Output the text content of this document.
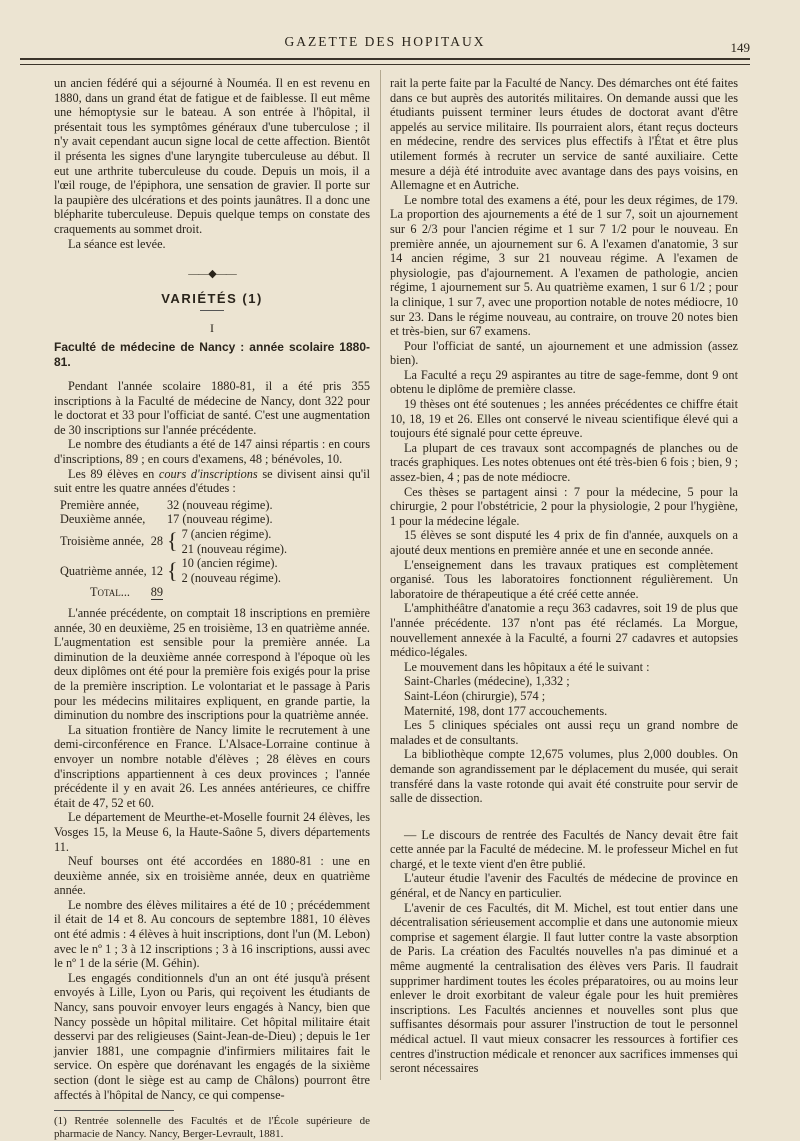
GAZETTE DES HOPITAUX	149

un ancien fédéré qui a séjourné à Nouméa. Il en est revenu en 1880, dans un grand état de fatigue et de faiblesse. Il eut même une hémoptysie sur le bateau. A son entrée à l'hôpital, il présentait tous les symptômes généraux d'une tuberculose ; il n'y avait cependant aucun signe local de cette affection. Bientôt il présenta les signes d'une laryngite tuberculeuse au début. Il eut une arthrite tuberculeuse du coude. Depuis un mois, il a l'œil rouge, de l'épiphora, une sensation de gravier. Il porte sur la paupière des ulcérations et des points jaunâtres. Il a donc une blépharite tuberculeuse. Depuis quelque temps on constate des craquements au sommet droit.

La séance est levée.

——◆——
VARIÉTÉS (1)
I
Faculté de médecine de Nancy : année scolaire 1880-81.

Pendant l'année scolaire 1880-81, il a été pris 355 inscriptions à la Faculté de médecine de Nancy, dont 322 pour le doctorat et 33 pour l'officiat de santé. C'est une augmentation de 30 inscriptions sur l'année précédente.

Le nombre des étudiants a été de 147 ainsi répartis : en cours d'inscriptions, 89 ; en cours d'examens, 48 ; bénévoles, 10.

Les 89 élèves en cours d'inscriptions se divisent ainsi qu'il suit entre les quatre années d'études :

Première année,		32 (nouveau régime).	
Deuxième année,		17 (nouveau régime).	
Troisième année,	28	{	7 (ancien régime).
			21 (nouveau régime).
Quatrième année,	12	{	10 (ancien régime).
			2 (nouveau régime).
Total...	89		

L'année précédente, on comptait 18 inscriptions en première année, 30 en deuxième, 25 en troisième, 13 en quatrième année. L'augmentation est sensible pour la première année. La diminution de la deuxième année correspond à l'époque où les deux diplômes ont été pour la première fois exigés pour la prise de la première inscription. Le volontariat et le passage à Paris pour les médecins militaires expliquent, en grande partie, la diminution du nombre des inscriptions pour la quatrième année.

La situation frontière de Nancy limite le recrutement à une demi-circonférence en France. L'Alsace-Lorraine continue à envoyer un nombre notable d'élèves ; 28 élèves en cours d'inscriptions appartiennent à ces deux provinces ; l'année précédente il y en avait 26. Les années antérieures, ce chiffre était de 47, 52 et 60.

Le département de Meurthe-et-Moselle fournit 24 élèves, les Vosges 15, la Meuse 6, la Haute-Saône 5, divers départements 11.

Neuf bourses ont été accordées en 1880-81 : une en deuxième année, six en troisième année, deux en quatrième année.

Le nombre des élèves militaires a été de 10 ; précédemment il était de 14 et 8. Au concours de septembre 1881, 10 élèves ont été admis : 4 élèves à huit inscriptions, dont l'un (M. Lebon) avec le nº 1 ; 3 à 12 inscriptions ; 3 à 16 inscriptions, aussi avec le nº 1 de la série (M. Géhin).

Les engagés conditionnels d'un an ont été jusqu'à présent envoyés à Lille, Lyon ou Paris, qui reçoivent les étudiants de Nancy, sans pouvoir envoyer leurs engagés à Nancy, bien que Nancy possède un hôpital militaire. Cet hôpital militaire était desservi par des religieuses (Saint-Jean-de-Dieu) ; depuis le 1er janvier 1881, une compagnie d'infirmiers militaires fait le service. On espère que dorénavant les engagés de la sixième section (dont le siège est au camp de Châlons) pourront être affectés à l'hôpital de Nancy, ce qui compense-

(1) Rentrée solennelle des Facultés et de l'École supérieure de pharmacie de Nancy. Nancy, Berger-Levrault, 1881.

rait la perte faite par la Faculté de Nancy. Des démarches ont été faites dans ce but auprès des autorités militaires. On demande aussi que les étudiants puissent terminer leurs études de doctorat avant d'être appelés au service militaire. Ils pourraient alors, étant reçus docteurs en médecine, rendre des services plus effectifs à l'État et être plus utilement formés à recruter un service de santé auxiliaire. Cette mesure a déjà été introduite avec avantage dans des pays voisins, en Allemagne et en Autriche.

Le nombre total des examens a été, pour les deux régimes, de 179. La proportion des ajournements a été de 1 sur 7, soit un ajournement sur 6 2/3 pour l'ancien régime et 1 sur 7 1/2 pour le nouveau. En première année, un ajournement sur 6. A l'examen d'anatomie, 3 sur 14 ancien régime, 3 sur 21 nouveau régime. A l'examen de physiologie, pas d'ajournement. A l'examen de pathologie, ancien régime, 1 ajournement sur 5. Au quatrième examen, 1 sur 6 1/2 ; pour la clinique, 1 sur 7, avec une proportion notable de notes médiocre, 10 sur 23. Dans le régime nouveau, au contraire, on trouve 20 notes bien et très-bien, sur 67 examens.

Pour l'officiat de santé, un ajournement et une admission (assez bien).

La Faculté a reçu 29 aspirantes au titre de sage-femme, dont 9 ont obtenu le diplôme de première classe.

19 thèses ont été soutenues ; les années précédentes ce chiffre était 10, 18, 19 et 26. Elles ont conservé le niveau scientifique élevé qui a toujours été signalé pour cette épreuve.

La plupart de ces travaux sont accompagnés de planches ou de tracés graphiques. Les notes obtenues ont été très-bien 6 fois ; bien, 9 ; assez-bien, 4 ; pas de note médiocre.

Ces thèses se partagent ainsi : 7 pour la médecine, 5 pour la chirurgie, 2 pour l'obstétricie, 2 pour la physiologie, 2 pour l'hygiène, 1 pour la médecine légale.

15 élèves se sont disputé les 4 prix de fin d'année, auxquels on a ajouté deux mentions en première année et une en seconde année.

L'enseignement dans les travaux pratiques est complètement organisé. Tous les laboratoires fonctionnent régulièrement. Un laboratoire de thérapeutique a été créé cette année.

L'amphithéâtre d'anatomie a reçu 363 cadavres, soit 19 de plus que l'année précédente. 137 n'ont pas été réclamés. La Morgue, nouvellement annexée à la Faculté, a fourni 27 cadavres et autopsies médico-légales.

Le mouvement dans les hôpitaux a été le suivant :

Saint-Charles (médecine), 1,332 ;

Saint-Léon (chirurgie), 574 ;

Maternité, 198, dont 177 accouchements.

Les 5 cliniques spéciales ont aussi reçu un grand nombre de malades et de consultants.

La bibliothèque compte 12,675 volumes, plus 2,000 doubles. On demande son agrandissement par le déplacement du musée, qui serait transféré dans la vaste rotonde qui avait été construite pour servir de salle de dissection.

— Le discours de rentrée des Facultés de Nancy devait être fait cette année par la Faculté de médecine. M. le professeur Michel en fut chargé, et le texte vient d'en être publié.

L'auteur étudie l'avenir des Facultés de médecine de province en général, et de Nancy en particulier.

L'avenir de ces Facultés, dit M. Michel, est tout entier dans une décentralisation sérieusement accomplie et dans une autonomie mieux comprise et sagement élargie. Il faut lutter contre la vaste absorption de Paris. La création des Facultés nouvelles n'a pas diminué et a même augmenté la centralisation des élèves vers Paris. Il faudrait supprimer hardiment toutes les écoles préparatoires, ou au moins leur enlever le droit exorbitant de valeur égale pour les huit premières inscriptions. Les Facultés anciennes et nouvelles sont plus que suffisantes désormais pour assurer l'instruction de tout le personnel médical actuel. Il vaut mieux consacrer les ressources à fortifier ces centres d'instruction médicale et renoncer aux sacrifices immenses qui seront nécessaires
